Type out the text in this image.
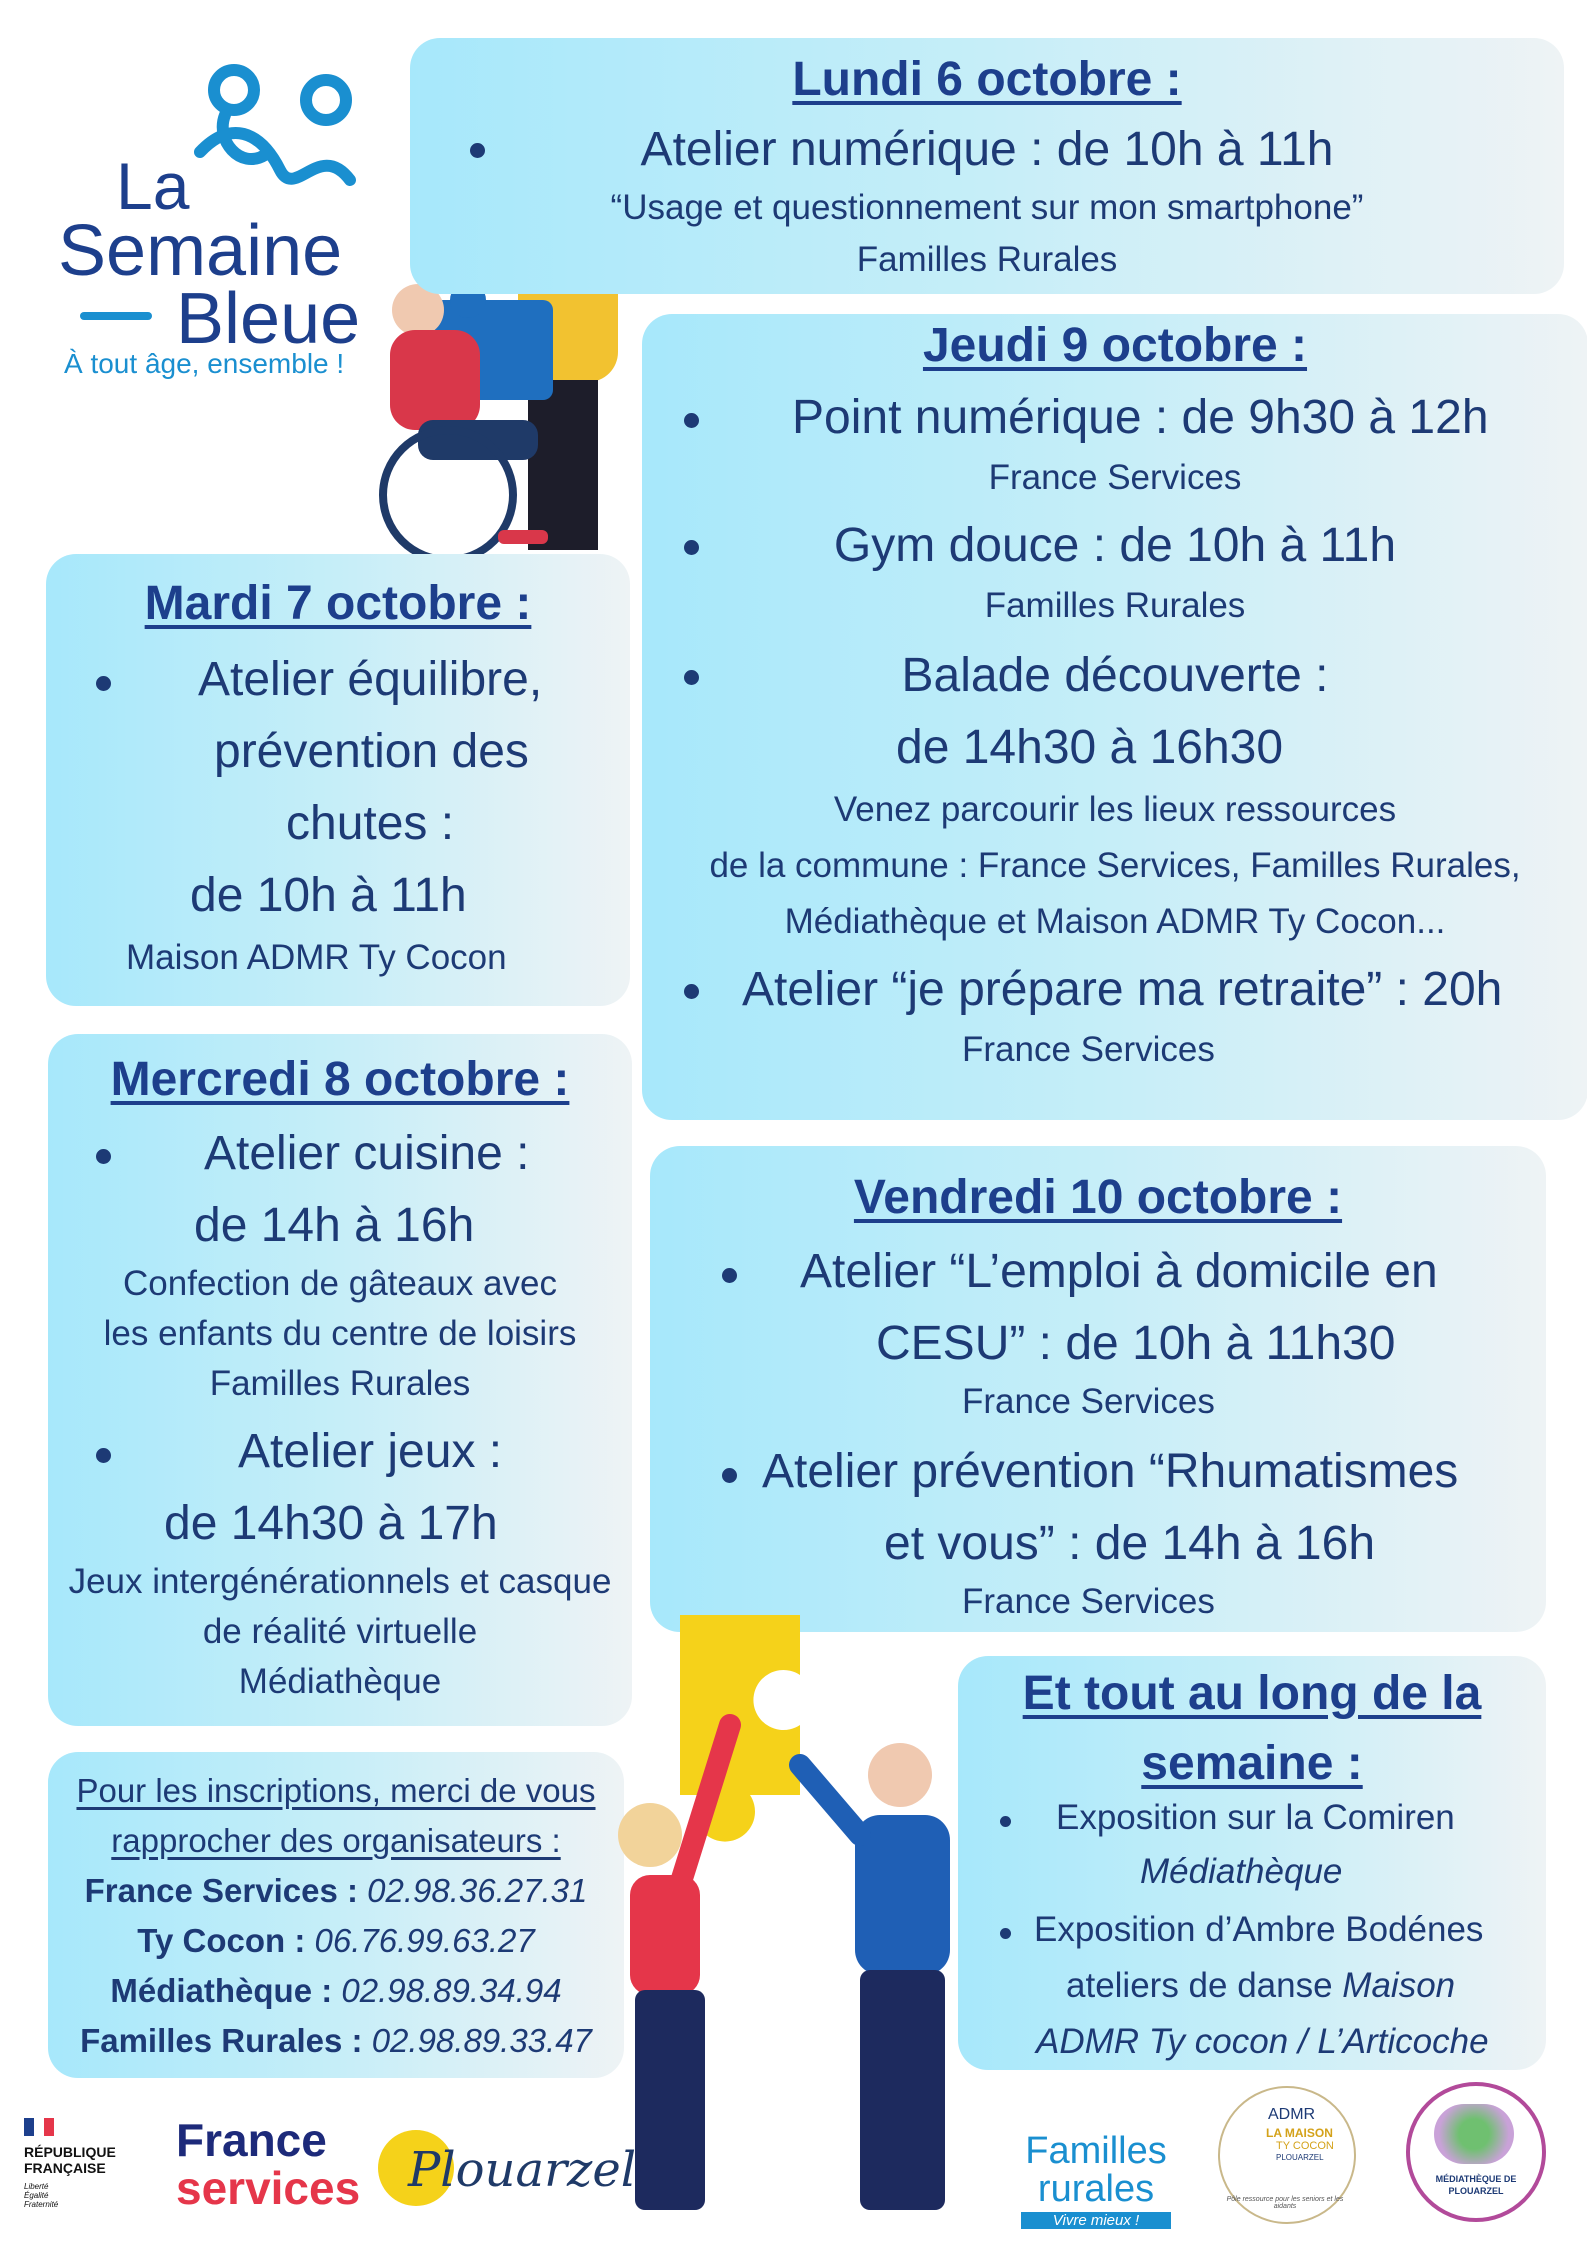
La
Semaine
Bleue
À tout âge, ensemble !
Lundi 6 octobre :
Atelier numérique : de 10h à 11h
“Usage et questionnement sur mon smartphone”
Familles Rurales
Jeudi 9 octobre :
Point numérique : de 9h30 à 12h
France Services
Gym douce : de 10h à 11h
Familles Rurales
Balade découverte :
de 14h30 à 16h30
Venez parcourir les lieux ressources
de la commune : France Services, Familles Rurales,
Médiathèque et Maison ADMR Ty Cocon...
Atelier “je prépare ma retraite” : 20h
France Services
Mardi 7 octobre :
Atelier équilibre,
prévention des
chutes :
de 10h à 11h
Maison ADMR Ty Cocon
Mercredi 8 octobre :
Atelier cuisine :
de 14h à 16h
Confection de gâteaux avec
les enfants du centre de loisirs
Familles Rurales
Atelier jeux :
de 14h30 à 17h
Jeux intergénérationnels et casque
de réalité virtuelle
Médiathèque
Vendredi 10 octobre :
Atelier “L’emploi à domicile en
CESU” : de 10h à 11h30
France Services
Atelier prévention “Rhumatismes
et vous” : de 14h à 16h
France Services
Pour les inscriptions, merci de vous
rapprocher des organisateurs :
France Services : 02.98.36.27.31
Ty Cocon : 06.76.99.63.27
Médiathèque : 02.98.89.34.94
Familles Rurales : 02.98.89.33.47
Et tout au long de la
semaine :
Exposition sur la Comiren
Médiathèque
Exposition d’Ambre Bodénes
ateliers de danse Maison
ADMR Ty cocon / L’Articoche
RÉPUBLIQUE
FRANÇAISE
Liberté
Égalité
Fraternité
France
services Plouarzel	Familles
rurales
Vivre mieux !
ADMR
LA MAISON
TY COCON
PLOUARZEL
Pôle ressource pour les seniors et les aidants
MÉDIATHÈQUE DE
PLOUARZEL
